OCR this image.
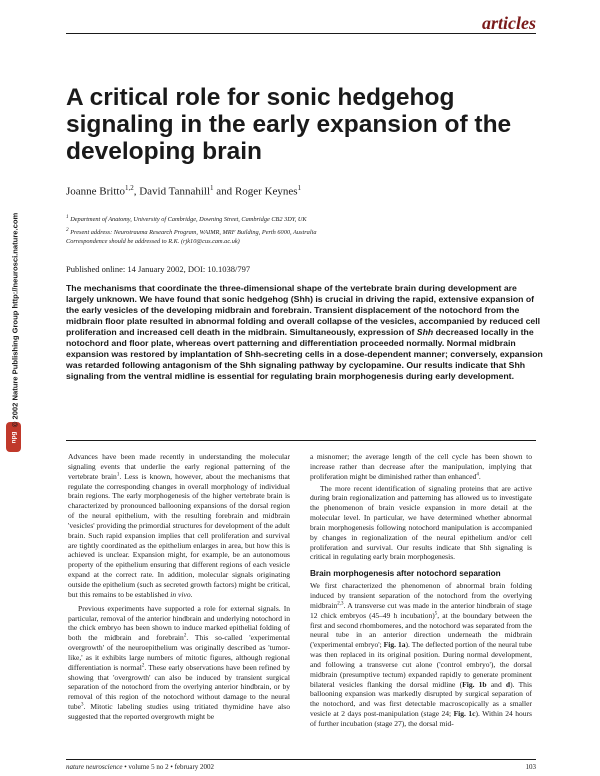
articles
npg
© 2002 Nature Publishing Group http://neurosci.nature.com
A critical role for sonic hedgehog signaling in the early expansion of the developing brain
Joanne Britto$^{1,2}$, David Tannahill$^1$ and Roger Keynes$^1$
$^1$ Department of Anatomy, University of Cambridge, Downing Street, Cambridge CB2 3DY, UK
$^2$ Present address: Neurotrauma Research Program, WAIMR, MRF Building, Perth 6000, Australia
Correspondence should be addressed to R.K. (rjk10@cus.cam.ac.uk)
Published online: 14 January 2002, DOI: 10.1038/797

The mechanisms that coordinate the three-dimensional shape of the vertebrate brain during development are largely unknown. We have found that sonic hedgehog (Shh) is crucial in driving the rapid, extensive expansion of the early vesicles of the developing midbrain and forebrain. Transient displacement of the notochord from the midbrain floor plate resulted in abnormal folding and overall collapse of the vesicles, accompanied by reduced cell proliferation and increased cell death in the midbrain. Simultaneously, expression of Shh decreased locally in the notochord and floor plate, whereas overt patterning and differentiation proceeded normally. Normal midbrain expansion was restored by implantation of Shh-secreting cells in a dose-dependent manner; conversely, expansion was retarded following antagonism of the Shh signaling pathway by cyclopamine. Our results indicate that Shh signaling from the ventral midline is essential for regulating brain morphogenesis during early development.

Advances have been made recently in understanding the molecular signaling events that underlie the early regional patterning of the vertebrate brain$^1$. Less is known, however, about the mechanisms that regulate the corresponding changes in overall morphology of individual brain regions. The early morphogenesis of the higher vertebrate brain is characterized by pronounced ballooning expansions of the dorsal region of the neural epithelium, with the resulting forebrain and midbrain 'vesicles' providing the primordial structures for development of the adult brain. Such rapid expansion implies that cell proliferation and survival are tightly coordinated as the epithelium enlarges in area, but how this is achieved is unclear. Expansion might, for example, be an autonomous property of the epithelium ensuring that different regions of each vesicle expand at the correct rate. In addition, molecular signals originating outside the epithelium (such as secreted growth factors) might be critical, but this remains to be established in vivo.

Previous experiments have supported a role for external signals. In particular, removal of the anterior hindbrain and underlying notochord in the chick embryo has been shown to induce marked epithelial folding of both the midbrain and forebrain$^2$. This so-called 'experimental overgrowth' of the neuroepithelium was originally described as 'tumor-like,' as it exhibits large numbers of mitotic figures, although regional differentiation is normal$^2$. These early observations have been refined by showing that 'overgrowth' can also be induced by transient surgical separation of the notochord from the overlying anterior hindbrain, or by removal of this region of the notochord without damage to the neural tube$^3$. Mitotic labeling studies using tritiated thymidine have also suggested that the reported overgrowth might be

a misnomer; the average length of the cell cycle has been shown to increase rather than decrease after the manipulation, implying that proliferation might be diminished rather than enhanced$^4$.

The more recent identification of signaling proteins that are active during brain regionalization and patterning has allowed us to investigate the phenomenon of brain vesicle expansion in more detail at the molecular level. In particular, we have determined whether abnormal brain morphogenesis following notochord manipulation is accompanied by changes in regionalization of the neural epithelium and/or cell proliferation and survival. Our results indicate that Shh signaling is critical in regulating early brain morphogenesis.

Brain morphogenesis after notochord separation

We first characterized the phenomenon of abnormal brain folding induced by transient separation of the notochord from the overlying midbrain$^{2,3}$. A transverse cut was made in the anterior hindbrain of stage 12 chick embryos (45–49 h incubation)$^5$, at the boundary between the first and second rhombomeres, and the notochord was separated from the neural tube in an anterior direction underneath the midbrain ('experimental embryo'; Fig. 1a). The deflected portion of the neural tube was then replaced in its original position. During normal development, and following a transverse cut alone ('control embryo'), the dorsal midbrain (presumptive tectum) expanded rapidly to generate prominent bilateral vesicles flanking the dorsal midline (Fig. 1b and d). This ballooning expansion was markedly disrupted by surgical separation of the notochord, and was first detectable macroscopically as a smaller vesicle at 2 days post-manipulation (stage 24; Fig. 1c). Within 24 hours of further incubation (stage 27), the dorsal mid-

nature neuroscience • volume 5 no 2 • february 2002	103
